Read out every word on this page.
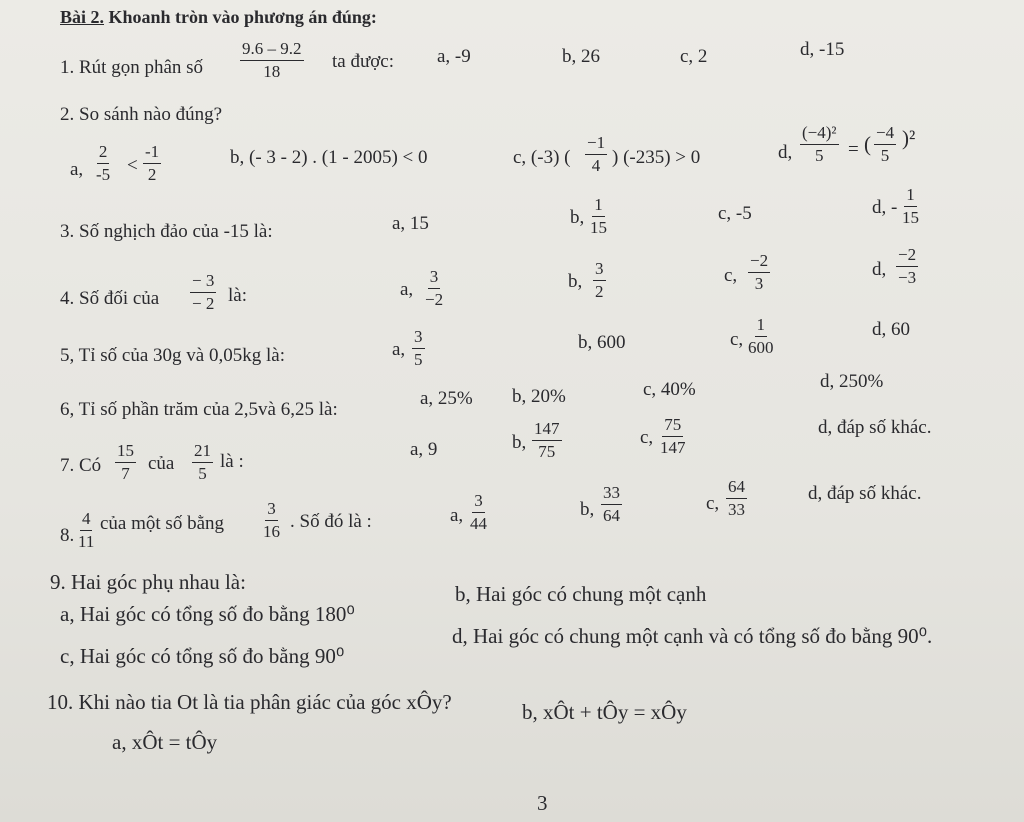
Bài 2. Khoanh tròn vào phương án đúng:
1. Rút gọn phân số $\frac{9.6 - 9.2}{18}$ ta được: a, -9	b, 26	c, 2	d, -15
2. So sánh nào đúng?
a, $\frac{2}{-5} < \frac{-1}{2}$	b, (- 3 - 2) . (1 - 2005) < 0	c, (-3) ( $\frac{-1}{4}$ ) (-235) > 0	d, $\frac{\text{(−4)²}}{5}$ = ( $\frac{-4}{5} )^2$
3. Số nghịch đảo của -15 là:	a, 15	b, $\frac{1}{15}$	c, -5	d, - $\frac{1}{15}$
4. Số đối của $\frac{- 3}{- 2}$ là:	a, $\frac{3}{-2}$	b, $\frac{3}{2}$	c, $\frac{-2}{3}$	d, $\frac{-2}{-3}$
5, Tỉ số của 30g và 0,05kg là:	a, $\frac{3}{5}$	b, 600	c, $\frac{1}{600}$	d, 60
6, Tỉ số phần trăm của 2,5và 6,25 là:
a, 25% b, 20%	c, 40%	d, 250%
7. Có $\frac{15}{7}$ của $\frac{21}{5}$ là :
a, 9	b, $\frac{147}{75}$	c, $\frac{75}{147}$	d, đáp số khác.
8. $\frac{4}{11}$ của một số bằng $\frac{3}{16}$ . Số đó là :	a, $\frac{3}{44}$	b, $\frac{33}{64}$	c, $\frac{64}{33}$	d, đáp số khác.
9. Hai góc phụ nhau là:
a, Hai góc có tổng số đo bằng 180⁰
b, Hai góc có chung một cạnh
c, Hai góc có tổng số đo bằng 90⁰
d, Hai góc có chung một cạnh và có tổng số đo bằng 90⁰.
10. Khi nào tia Ot là tia phân giác của góc xÔy?
a, xÔt = tÔy
b, xÔt + tÔy = xÔy
3
